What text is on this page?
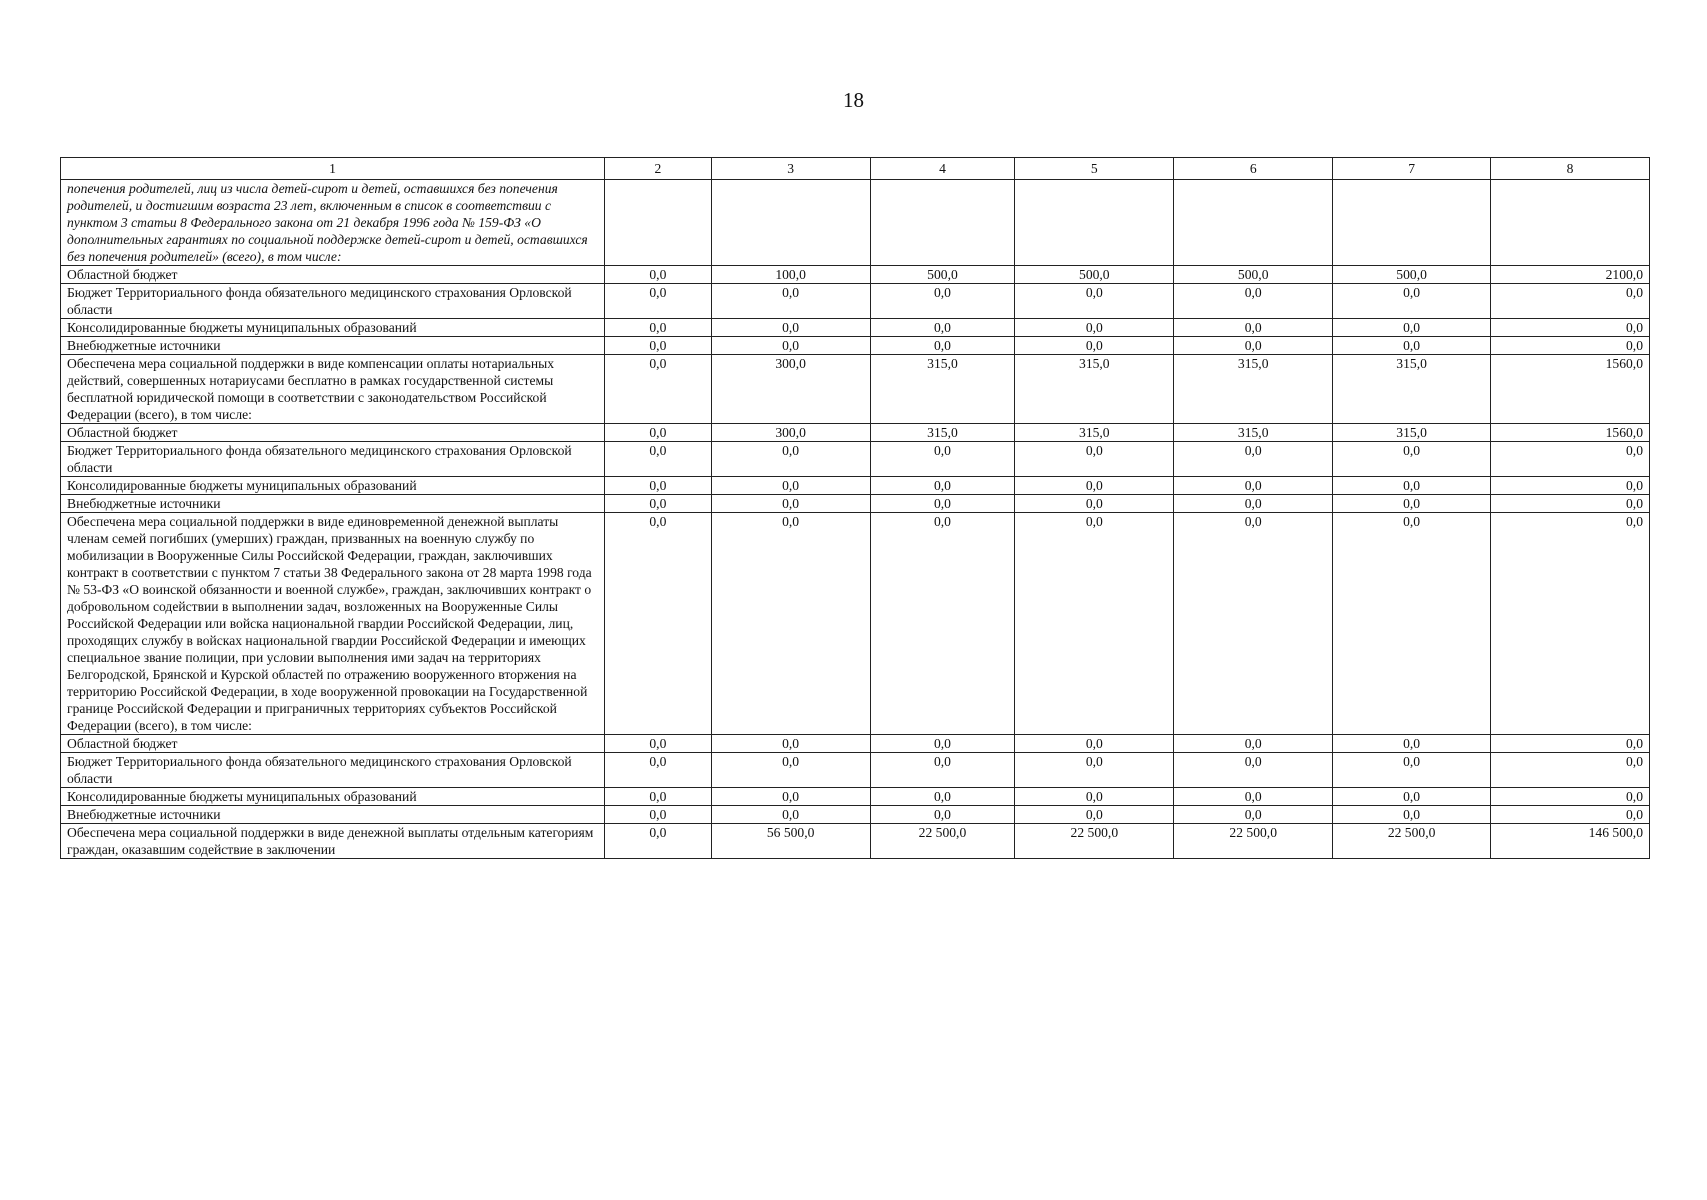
18
1	2	3	4	5	6	7	8
попечения родителей, лиц из числа детей-сирот и детей, оставшихся без попечения родителей, и достигшим возраста 23 лет, включенным в список в соответствии с пунктом 3 статьи 8 Федерального закона от 21 декабря 1996 года № 159-ФЗ «О дополнительных гарантиях по социальной поддержке детей-сирот и детей, оставшихся без попечения родителей» (всего), в том числе:							
Областной бюджет	0,0	100,0	500,0	500,0	500,0	500,0	2100,0
Бюджет Территориального фонда обязательного медицинского страхования Орловской области	0,0	0,0	0,0	0,0	0,0	0,0	0,0
Консолидированные бюджеты муниципальных образований	0,0	0,0	0,0	0,0	0,0	0,0	0,0
Внебюджетные источники	0,0	0,0	0,0	0,0	0,0	0,0	0,0
Обеспечена мера социальной поддержки в виде компенсации оплаты нотариальных действий, совершенных нотариусами бесплатно в рамках государственной системы бесплатной юридической помощи в соответствии с законодательством Российской Федерации (всего), в том числе:	0,0	300,0	315,0	315,0	315,0	315,0	1560,0
Областной бюджет	0,0	300,0	315,0	315,0	315,0	315,0	1560,0
Бюджет Территориального фонда обязательного медицинского страхования Орловской области	0,0	0,0	0,0	0,0	0,0	0,0	0,0
Консолидированные бюджеты муниципальных образований	0,0	0,0	0,0	0,0	0,0	0,0	0,0
Внебюджетные источники	0,0	0,0	0,0	0,0	0,0	0,0	0,0
Обеспечена мера социальной поддержки в виде единовременной денежной выплаты членам семей погибших (умерших) граждан, призванных на военную службу по мобилизации в Вооруженные Силы Российской Федерации, граждан, заключивших контракт в соответствии с пунктом 7 статьи 38 Федерального закона от 28 марта 1998 года № 53-ФЗ «О воинской обязанности и военной службе», граждан, заключивших контракт о добровольном содействии в выполнении задач, возложенных на Вооруженные Силы Российской Федерации или войска национальной гвардии Российской Федерации, лиц, проходящих службу в войсках национальной гвардии Российской Федерации и имеющих специальное звание полиции, при условии выполнения ими задач на территориях Белгородской, Брянской и Курской областей по отражению вооруженного вторжения на территорию Российской Федерации, в ходе вооруженной провокации на Государственной границе Российской Федерации и приграничных территориях субъектов Российской Федерации (всего), в том числе:	0,0	0,0	0,0	0,0	0,0	0,0	0,0
Областной бюджет	0,0	0,0	0,0	0,0	0,0	0,0	0,0
Бюджет Территориального фонда обязательного медицинского страхования Орловской области	0,0	0,0	0,0	0,0	0,0	0,0	0,0
Консолидированные бюджеты муниципальных образований	0,0	0,0	0,0	0,0	0,0	0,0	0,0
Внебюджетные источники	0,0	0,0	0,0	0,0	0,0	0,0	0,0
Обеспечена мера социальной поддержки в виде денежной выплаты отдельным категориям граждан, оказавшим содействие в заключении	0,0	56 500,0	22 500,0	22 500,0	22 500,0	22 500,0	146 500,0
